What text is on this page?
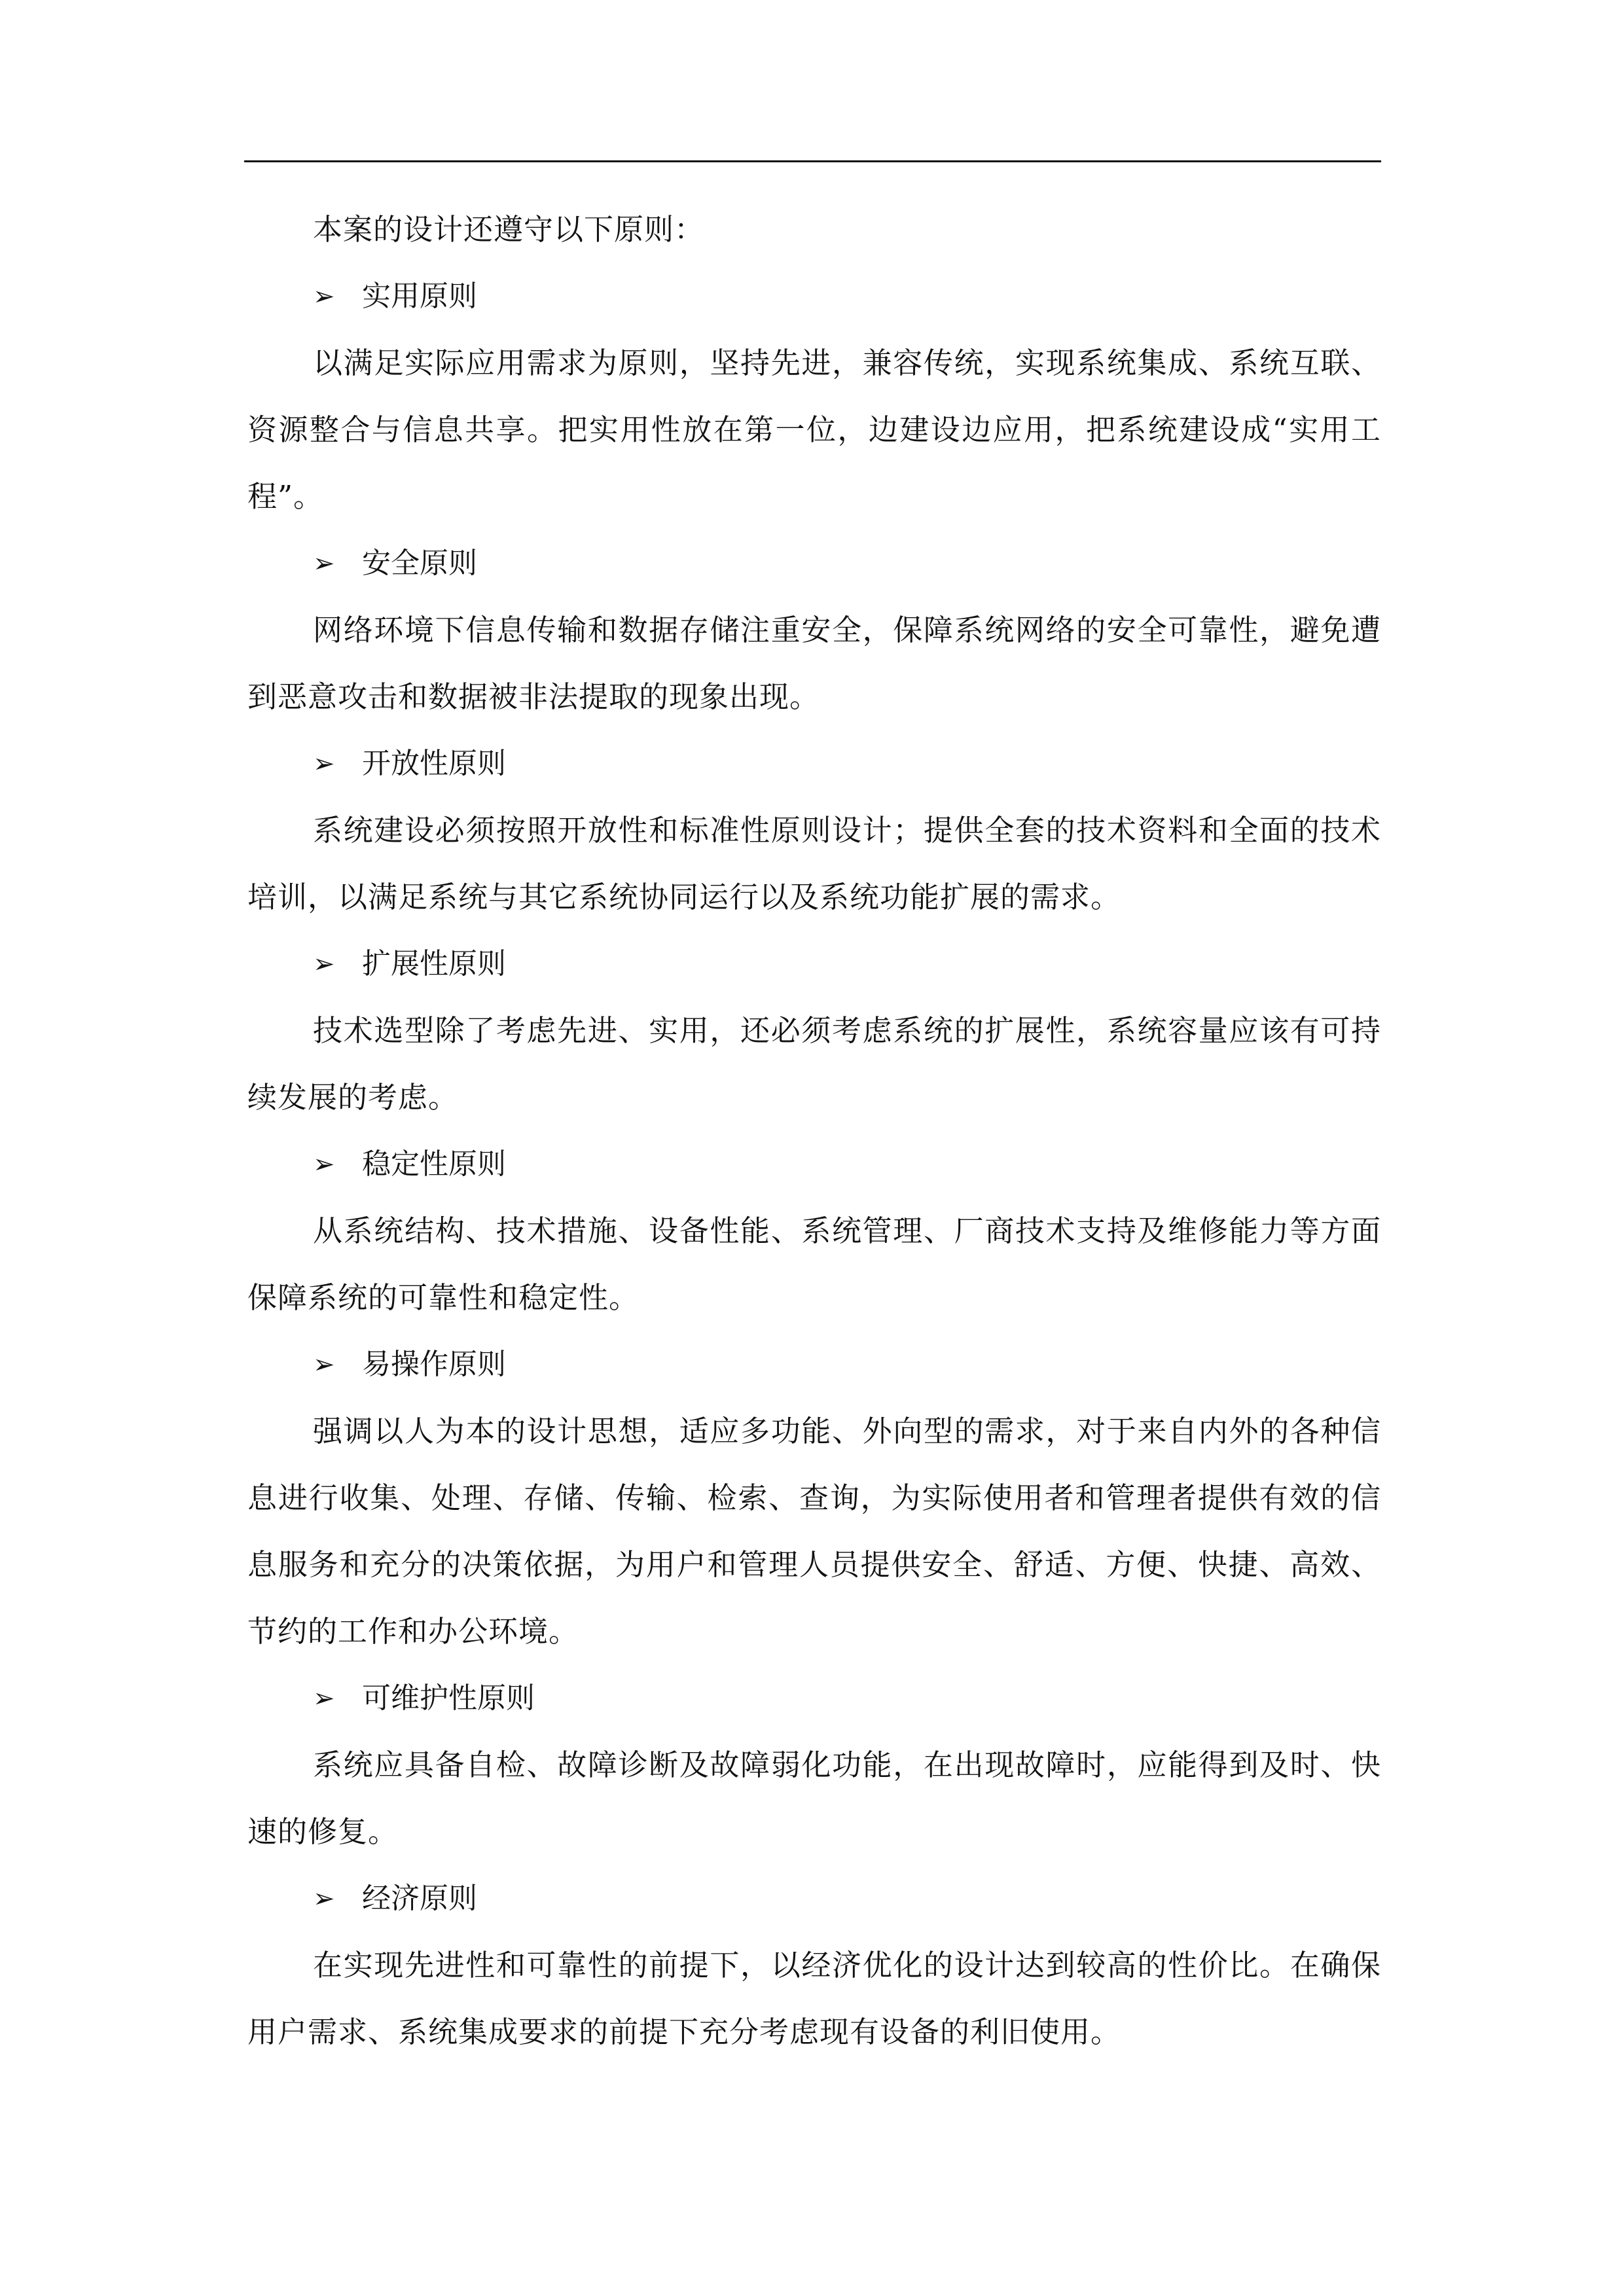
本案的设计还遵守以下原则：

➢ 实用原则

以满足实际应用需求为原则，坚持先进，兼容传统，实现系统集成、系统互联、资源整合与信息共享。把实用性放在第一位，边建设边应用，把系统建设成“实用工程”。

➢ 安全原则

网络环境下信息传输和数据存储注重安全，保障系统网络的安全可靠性，避免遭到恶意攻击和数据被非法提取的现象出现。

➢ 开放性原则

系统建设必须按照开放性和标准性原则设计；提供全套的技术资料和全面的技术培训，以满足系统与其它系统协同运行以及系统功能扩展的需求。

➢ 扩展性原则

技术选型除了考虑先进、实用，还必须考虑系统的扩展性，系统容量应该有可持续发展的考虑。

➢ 稳定性原则

从系统结构、技术措施、设备性能、系统管理、厂商技术支持及维修能力等方面保障系统的可靠性和稳定性。

➢ 易操作原则

强调以人为本的设计思想，适应多功能、外向型的需求，对于来自内外的各种信息进行收集、处理、存储、传输、检索、查询，为实际使用者和管理者提供有效的信息服务和充分的决策依据，为用户和管理人员提供安全、舒适、方便、快捷、高效、节约的工作和办公环境。

➢ 可维护性原则

系统应具备自检、故障诊断及故障弱化功能，在出现故障时，应能得到及时、快速的修复。

➢ 经济原则

在实现先进性和可靠性的前提下，以经济优化的设计达到较高的性价比。在确保用户需求、系统集成要求的前提下充分考虑现有设备的利旧使用。
